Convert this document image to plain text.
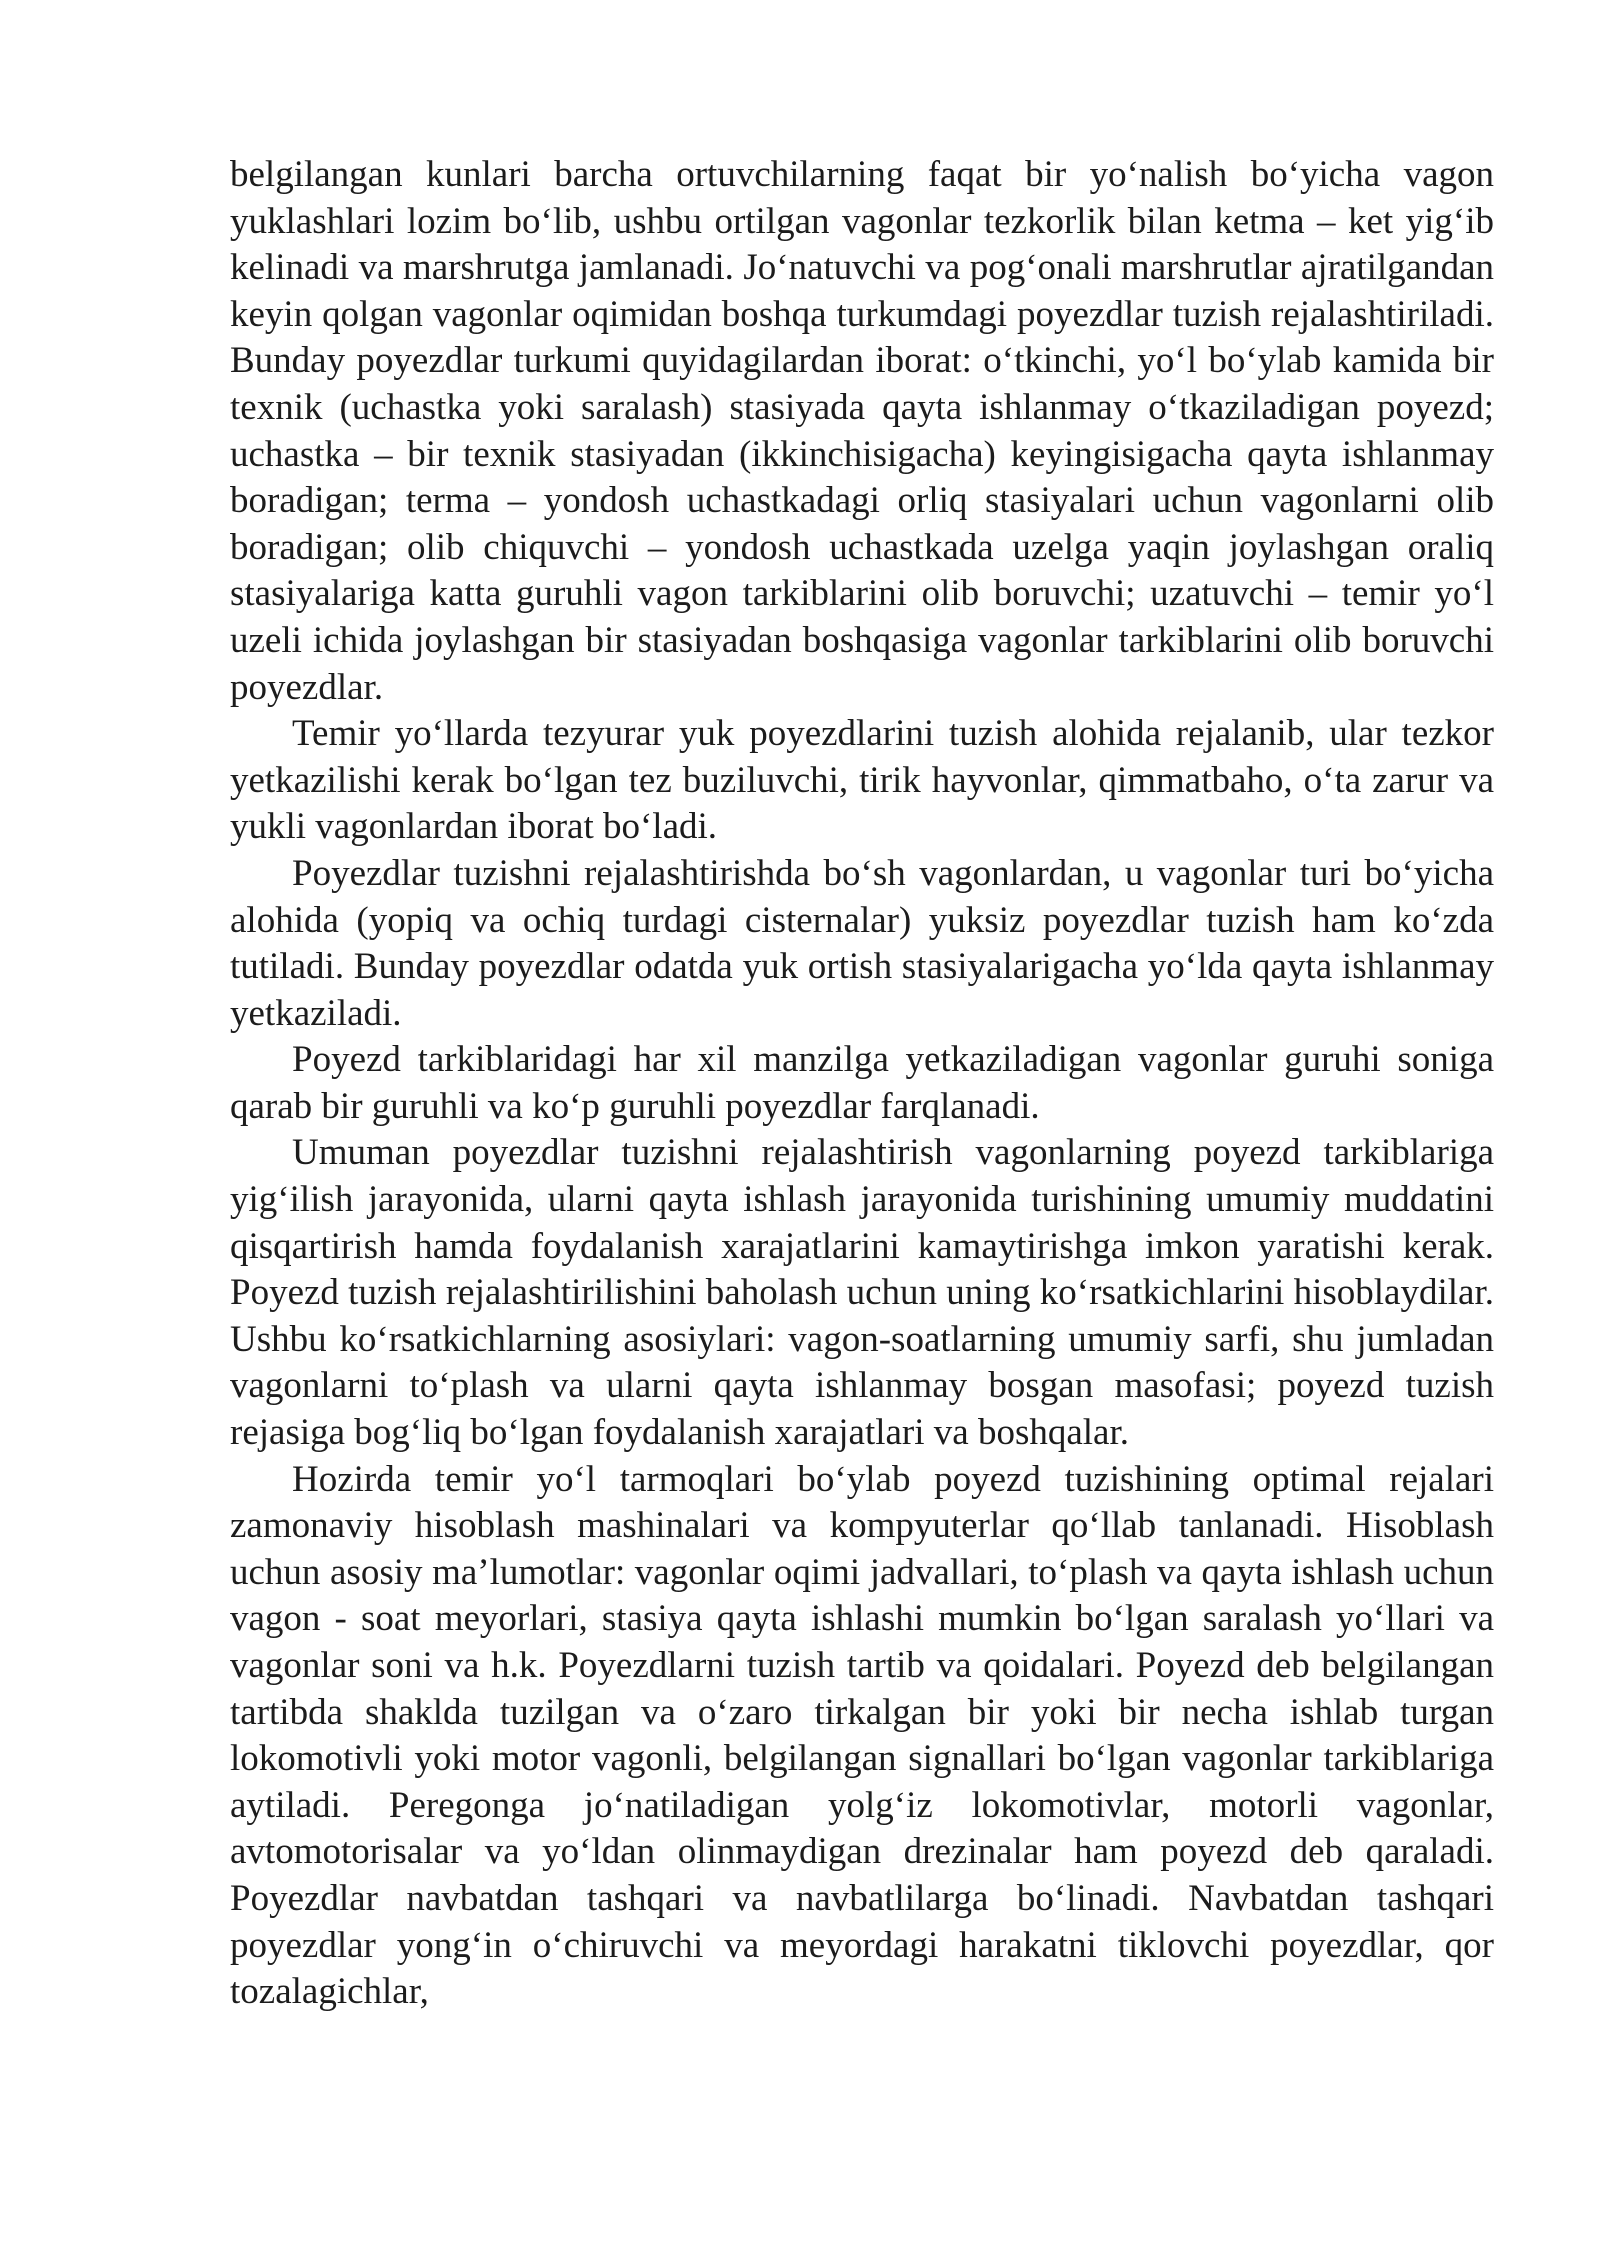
belgilangan kunlari barcha ortuvchilarning faqat bir yo‘nalish bo‘yicha vagon yuklashlari lozim bo‘lib, ushbu ortilgan vagonlar tezkorlik bilan ketma – ket yig‘ib kelinadi va marshrutga jamlanadi. Jo‘natuvchi va pog‘onali marshrutlar ajratilgandan keyin qolgan vagonlar oqimidan boshqa turkumdagi poyezdlar tuzish rejalashtiriladi. Bunday poyezdlar turkumi quyidagilardan iborat: o‘tkinchi, yo‘l bo‘ylab kamida bir texnik (uchastka yoki saralash) stasiyada qayta ishlanmay o‘tkaziladigan poyezd; uchastka – bir texnik stasiyadan (ikkinchisigacha) keyingisigacha qayta ishlanmay boradigan; terma – yondosh uchastkadagi orliq stasiyalari uchun vagonlarni olib boradigan; olib chiquvchi – yondosh uchastkada uzelga yaqin joylashgan oraliq stasiyalariga katta guruhli vagon tarkiblarini olib boruvchi; uzatuvchi – temir yo‘l uzeli ichida joylashgan bir stasiyadan boshqasiga vagonlar tarkiblarini olib boruvchi poyezdlar.

Temir yo‘llarda tezyurar yuk poyezdlarini tuzish alohida rejalanib, ular tezkor yetkazilishi kerak bo‘lgan tez buziluvchi, tirik hayvonlar, qimmatbaho, o‘ta zarur va yukli vagonlardan iborat bo‘ladi.

Poyezdlar tuzishni rejalashtirishda bo‘sh vagonlardan, u vagonlar turi bo‘yicha alohida (yopiq va ochiq turdagi cisternalar) yuksiz poyezdlar tuzish ham ko‘zda tutiladi. Bunday poyezdlar odatda yuk ortish stasiyalarigacha yo‘lda qayta ishlanmay yetkaziladi.

Poyezd tarkiblaridagi har xil manzilga yetkaziladigan vagonlar guruhi soniga qarab bir guruhli va ko‘p guruhli poyezdlar farqlanadi.

Umuman poyezdlar tuzishni rejalashtirish vagonlarning poyezd tarkiblariga yig‘ilish jarayonida, ularni qayta ishlash jarayonida turishining umumiy muddatini qisqartirish hamda foydalanish xarajatlarini kamaytirishga imkon yaratishi kerak. Poyezd tuzish rejalashtirilishini baholash uchun uning ko‘rsatkichlarini hisoblaydilar. Ushbu ko‘rsatkichlarning asosiylari: vagon-soatlarning umumiy sarfi, shu jumladan vagonlarni to‘plash va ularni qayta ishlanmay bosgan masofasi; poyezd tuzish rejasiga bog‘liq bo‘lgan foydalanish xarajatlari va boshqalar.

Hozirda temir yo‘l tarmoqlari bo‘ylab poyezd tuzishining optimal rejalari zamonaviy hisoblash mashinalari va kompyuterlar qo‘llab tanlanadi. Hisoblash uchun asosiy ma’lumotlar: vagonlar oqimi jadvallari, to‘plash va qayta ishlash uchun vagon - soat meyorlari, stasiya qayta ishlashi mumkin bo‘lgan saralash yo‘llari va vagonlar soni va h.k. Poyezdlarni tuzish tartib va qoidalari. Poyezd deb belgilangan tartibda shaklda tuzilgan va o‘zaro tirkalgan bir yoki bir necha ishlab turgan lokomotivli yoki motor vagonli, belgilangan signallari bo‘lgan vagonlar tarkiblariga aytiladi. Peregonga jo‘natiladigan yolg‘iz lokomotivlar, motorli vagonlar, avtomotorisalar va yo‘ldan olinmaydigan drezinalar ham poyezd deb qaraladi. Poyezdlar navbatdan tashqari va navbatlilarga bo‘linadi. Navbatdan tashqari poyezdlar yong‘in o‘chiruvchi va meyordagi harakatni tiklovchi poyezdlar, qor tozalagichlar,
